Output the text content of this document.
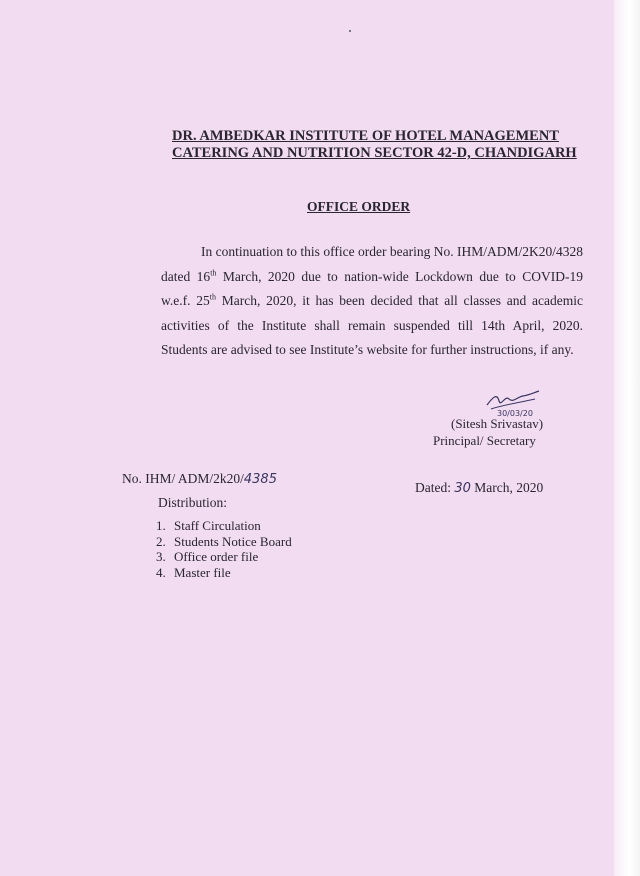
DR. AMBEDKAR INSTITUTE OF HOTEL MANAGEMENT
CATERING AND NUTRITION SECTOR 42-D, CHANDIGARH
OFFICE ORDER

In continuation to this office order bearing No. IHM/ADM/2K20/4328 dated 16th March, 2020 due to nation-wide Lockdown due to COVID-19 w.e.f. 25th March, 2020, it has been decided that all classes and academic activities of the Institute shall remain suspended till 14th April, 2020. Students are advised to see Institute’s website for further instructions, if any.

30/03/20
(Sitesh Srivastav)
Principal/ Secretary
No. IHM/ ADM/2k20/4385
Dated: 30 March, 2020
Distribution:
1. Staff Circulation
2. Students Notice Board
3. Office order file
4. Master file
